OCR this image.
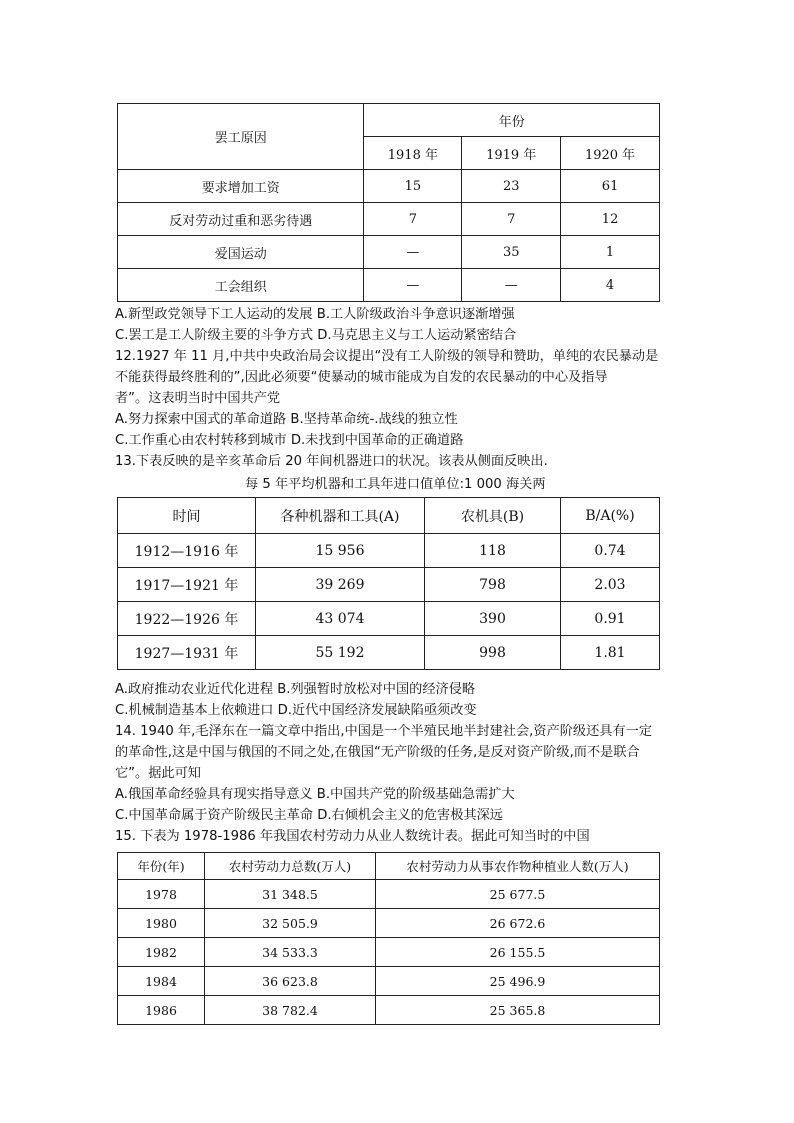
罢工原因	年份		
	1918 年	1919 年	1920 年
要求增加工资	15	23	61
反对劳动过重和恶劣待遇	7	7	12
爱国运动	—	35	1
工会组织	—	—	4
A.新型政党领导下工人运动的发展 B.工人阶级政治斗争意识逐渐增强
C.罢工是工人阶级主要的斗争方式 D.马克思主义与工人运动紧密结合
12.1927 年 11 月,中共中央政治局会议提出“没有工人阶级的领导和赞助，单纯的农民暴动是
不能获得最终胜利的”,因此必须要“使暴动的城市能成为自发的农民暴动的中心及指导
者”。这表明当时中国共产党
A.努力探索中国式的革命道路 B.坚持革命统-.战线的独立性
C.工作重心由农村转移到城市 D.未找到中国革命的正确道路
13.下表反映的是辛亥革命后 20 年间机器进口的状况。该表从侧面反映出.
每 5 年平均机器和工具年进口值单位:1 000 海关两
时间	各种机器和工具(A)	农机具(B)	B/A(%)
1912—1916 年	15 956	118	0.74
1917—1921 年	39 269	798	2.03
1922—1926 年	43 074	390	0.91
1927—1931 年	55 192	998	1.81
A.政府推动农业近代化进程 B.列强暂时放松对中国的经济侵略
C.机械制造基本上依赖进口 D.近代中国经济发展缺陷亟须改变
14. 1940 年,毛泽东在一篇文章中指出,中国是一个半殖民地半封建社会,资产阶级还具有一定
的革命性,这是中国与俄国的不同之处,在俄国“无产阶级的任务,是反对资产阶级,而不是联合
它”。据此可知
A.俄国革命经验具有现实指导意义 B.中国共产党的阶级基础急需扩大
C.中国革命属于资产阶级民主革命 D.右倾机会主义的危害极其深远
15. 下表为 1978-1986 年我国农村劳动力从业人数统计表。据此可知当时的中国
年份(年)	农村劳动力总数(万人)	农村劳动力从事农作物种植业人数(万人)
1978	31 348.5	25 677.5
1980	32 505.9	26 672.6
1982	34 533.3	26 155.5
1984	36 623.8	25 496.9
1986	38 782.4	25 365.8
